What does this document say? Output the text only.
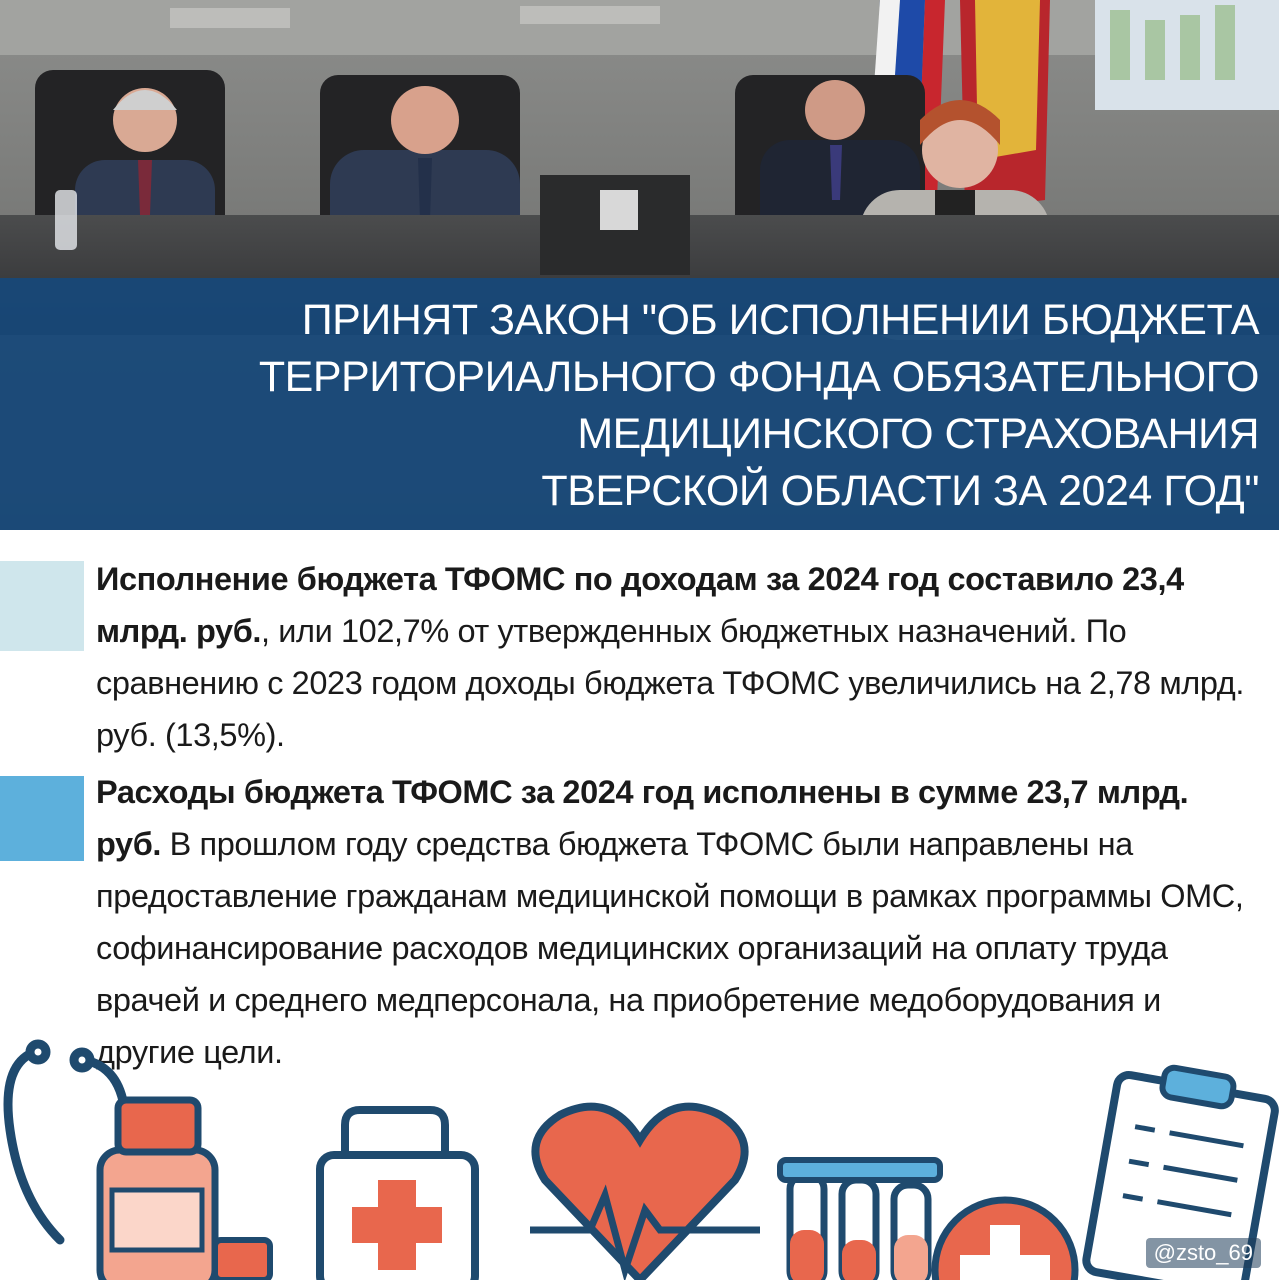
ПРИНЯТ ЗАКОН "ОБ ИСПОЛНЕНИИ БЮДЖЕТА
ТЕРРИТОРИАЛЬНОГО ФОНДА ОБЯЗАТЕЛЬНОГО
МЕДИЦИНСКОГО СТРАХОВАНИЯ
ТВЕРСКОЙ ОБЛАСТИ ЗА 2024 ГОД"
Исполнение бюджета ТФОМС по доходам за 2024 год составило 23,4 млрд. руб., или 102,7% от утвержденных бюджетных назначений. По сравнению с 2023 годом доходы бюджета ТФОМС увеличились на 2,78 млрд. руб. (13,5%).
Расходы бюджета ТФОМС за 2024 год исполнены в сумме 23,7 млрд. руб. В прошлом году средства бюджета ТФОМС были направлены на предоставление гражданам медицинской помощи в рамках программы ОМС, софинансирование расходов медицинских организаций на оплату труда врачей и среднего медперсонала, на приобретение медоборудования и другие цели.
@zsto_69
